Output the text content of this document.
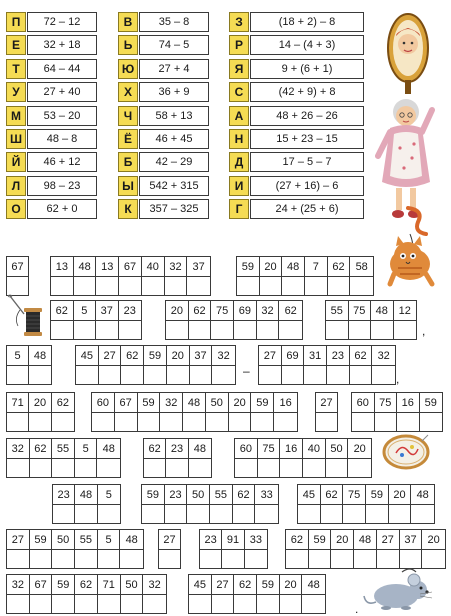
П	72 – 12	В	35 – 8	З	(18 + 2) – 8
Е	32 + 18	Ь	74 – 5	Р	14 – (4 + 3)
Т	64 – 44	Ю	27 + 4	Я	9 + (6 + 1)
У	27 + 40	Х	36 + 9	С	(42 + 9) + 8
М	53 – 20	Ч	58 + 13	А	48 + 26 – 26
Ш	48 – 8	Ё	46 + 45	Н	15 + 23 – 15
Й	46 + 12	Б	42 – 29	Д	17 – 5 – 7
Л	98 – 23	Ы	542 + 315	И	(27 + 16) – 6
О	62 + 0	К	357 – 325	Г	24 + (25 + 6)
67	13 48 13 67 40 32 37	59 20 48	7	62 58
62	5	37 23	20 62 75 69 32 62	55 75 48 12
,
5	48	45 27 62 59 20 37 32	27 69 31 23 62 32
–
,
71 20 62	60 67 59 32 48 50 20 59	16	27	60 75 16 59
32 62 55	5	48	62 23 48	60 75 16 40 50 20
23 48	5	59 23 50 55 62 33	45 62 75 59 20 48
27 59 50 55	5	48	27	23 91 33	62 59 20 48 27 37 20
32 67 59 62 71 50 32	45 27 62 59 20 48
.
